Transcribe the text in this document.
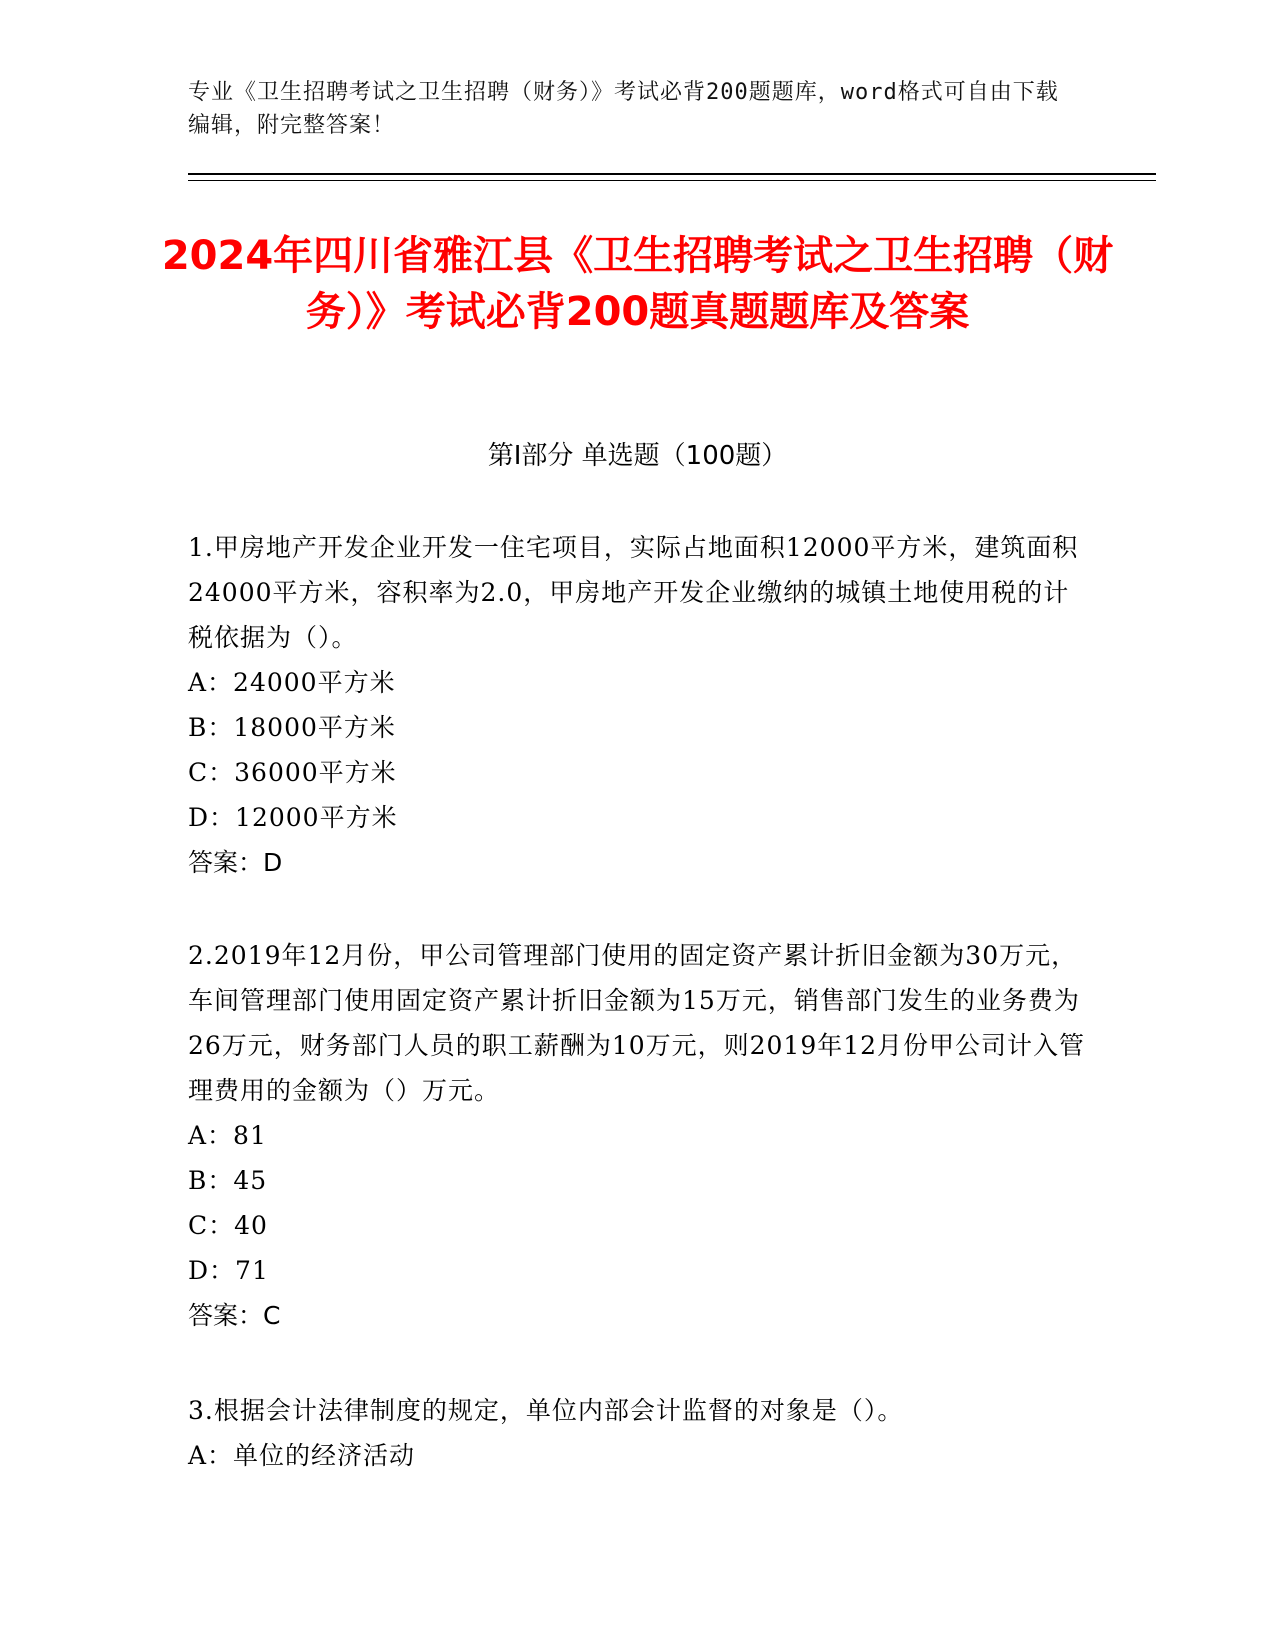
专业《卫生招聘考试之卫生招聘（财务）》考试必背200题题库，word格式可自由下载编辑，附完整答案！
2024年四川省雅江县《卫生招聘考试之卫生招聘（财务）》考试必背200题真题题库及答案
第I部分 单选题（100题）

1.甲房地产开发企业开发一住宅项目，实际占地面积12000平方米，建筑面积24000平方米，容积率为2.0，甲房地产开发企业缴纳的城镇土地使用税的计税依据为（）。

A：24000平方米

B：18000平方米

C：36000平方米

D：12000平方米

答案：D

2.2019年12月份，甲公司管理部门使用的固定资产累计折旧金额为30万元，车间管理部门使用固定资产累计折旧金额为15万元，销售部门发生的业务费为26万元，财务部门人员的职工薪酬为10万元，则2019年12月份甲公司计入管理费用的金额为（）万元。

A：81

B：45

C：40

D：71

答案：C

3.根据会计法律制度的规定，单位内部会计监督的对象是（）。

A：单位的经济活动
